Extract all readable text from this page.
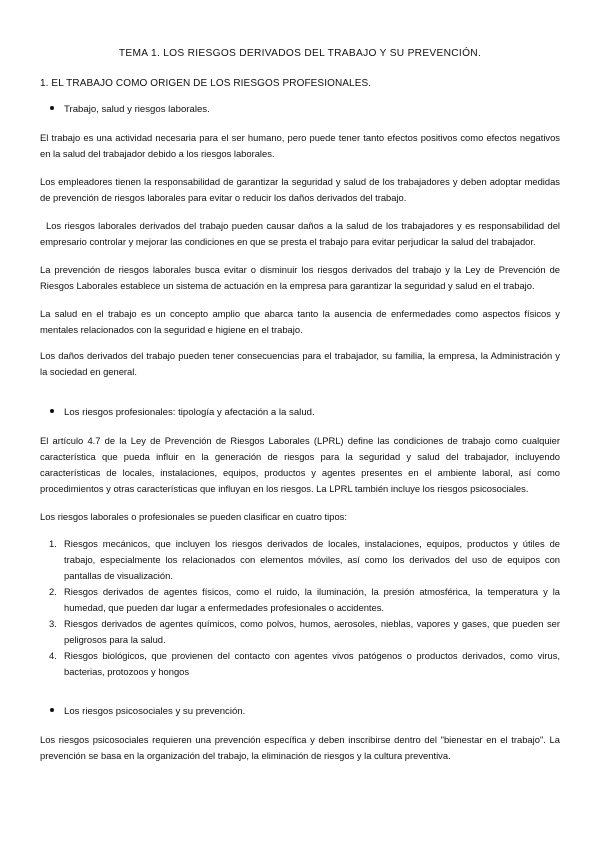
TEMA 1. LOS RIESGOS DERIVADOS DEL TRABAJO Y SU PREVENCIÓN.
1. EL TRABAJO COMO ORIGEN DE LOS RIESGOS PROFESIONALES.
Trabajo, salud y riesgos laborales.
El trabajo es una actividad necesaria para el ser humano, pero puede tener tanto efectos positivos como efectos negativos en la salud del trabajador debido a los riesgos laborales.
Los empleadores tienen la responsabilidad de garantizar la seguridad y salud de los trabajadores y deben adoptar medidas de prevención de riesgos laborales para evitar o reducir los daños derivados del trabajo.
Los riesgos laborales derivados del trabajo pueden causar daños a la salud de los trabajadores y es responsabilidad del empresario controlar y mejorar las condiciones en que se presta el trabajo para evitar perjudicar la salud del trabajador.
La prevención de riesgos laborales busca evitar o disminuir los riesgos derivados del trabajo y la Ley de Prevención de Riesgos Laborales establece un sistema de actuación en la empresa para garantizar la seguridad y salud en el trabajo.
La salud en el trabajo es un concepto amplio que abarca tanto la ausencia de enfermedades como aspectos físicos y mentales relacionados con la seguridad e higiene en el trabajo.
Los daños derivados del trabajo pueden tener consecuencias para el trabajador, su familia, la empresa, la Administración y la sociedad en general.
Los riesgos profesionales: tipología y afectación a la salud.
El artículo 4.7 de la Ley de Prevención de Riesgos Laborales (LPRL) define las condiciones de trabajo como cualquier característica que pueda influir en la generación de riesgos para la seguridad y salud del trabajador, incluyendo características de locales, instalaciones, equipos, productos y agentes presentes en el ambiente laboral, así como procedimientos y otras características que influyan en los riesgos. La LPRL también incluye los riesgos psicosociales.
Los riesgos laborales o profesionales se pueden clasificar en cuatro tipos:
1. Riesgos mecánicos, que incluyen los riesgos derivados de locales, instalaciones, equipos, productos y útiles de trabajo, especialmente los relacionados con elementos móviles, así como los derivados del uso de equipos con pantallas de visualización.
2. Riesgos derivados de agentes físicos, como el ruido, la iluminación, la presión atmosférica, la temperatura y la humedad, que pueden dar lugar a enfermedades profesionales o accidentes.
3. Riesgos derivados de agentes químicos, como polvos, humos, aerosoles, nieblas, vapores y gases, que pueden ser peligrosos para la salud.
4. Riesgos biológicos, que provienen del contacto con agentes vivos patógenos o productos derivados, como virus, bacterias, protozoos y hongos
Los riesgos psicosociales y su prevención.
Los riesgos psicosociales requieren una prevención específica y deben inscribirse dentro del "bienestar en el trabajo". La prevención se basa en la organización del trabajo, la eliminación de riesgos y la cultura preventiva.
